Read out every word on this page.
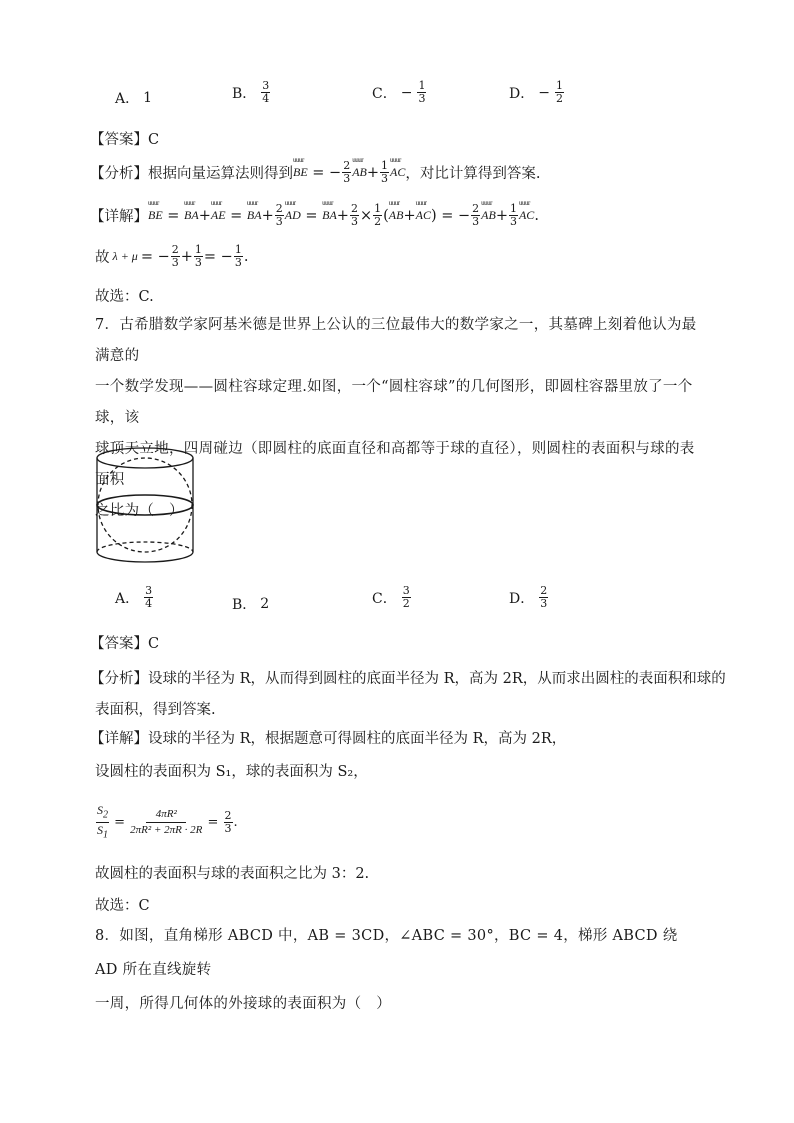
A． 1	B． $\frac{3}{4}$	C． − $\frac{1}{3}$	D． − $\frac{1}{2}$
【答案】C
【分析】 根据向量运算法则得到 uuur BE = − $\frac{2}{3}$ uuur AB + $\frac{1}{3}$ uuur AC ，对比计算得到答案.
【详解】 uuur BE = uuur BA + uuur AE = uuur BA + $\frac{2}{3}$ uuur AD = uuur BA + $\frac{2}{3} \times \frac{1}{2}$ ( uuur AB + uuur AC ) = − $\frac{2}{3}$ uuur AB + $\frac{1}{3}$ uuur AC .
故 λ + μ = − $\frac{2}{3} + \frac{1}{3}$ = − $\frac{1}{3}$ .
故选：C.
7．古希腊数学家阿基米德是世界上公认的三位最伟大的数学家之一，其墓碑上刻着他认为最满意的
一个数学发现——圆柱容球定理.如图，一个“圆柱容球”的几何图形，即圆柱容器里放了一个球，该
球顶天立地，四周碰边（即圆柱的底面直径和高都等于球的直径），则圆柱的表面积与球的表面积
之比为（　）
A． $\frac{3}{4}$	B． 2	C． $\frac{3}{2}$	D． $\frac{2}{3}$
【答案】C
【分析】设球的半径为 R，从而得到圆柱的底面半径为 R，高为 2R，从而求出圆柱的表面积和球的
表面积，得到答案.
【详解】设球的半径为 R，根据题意可得圆柱的底面半径为 R，高为 2R，
设圆柱的表面积为 S₁，球的表面积为 S₂，
$\frac{S_2}{S_1} = \frac{\text{4πR²}}{\text{2πR² + 2πR · 2R}} = \frac{2}{3}$ .
故圆柱的表面积与球的表面积之比为 3：2.
故选：C
8．如图，直角梯形 ABCD 中，AB = 3CD，∠ABC = 30°，BC = 4，梯形 ABCD 绕 AD 所在直线旋转
一周，所得几何体的外接球的表面积为（　）
